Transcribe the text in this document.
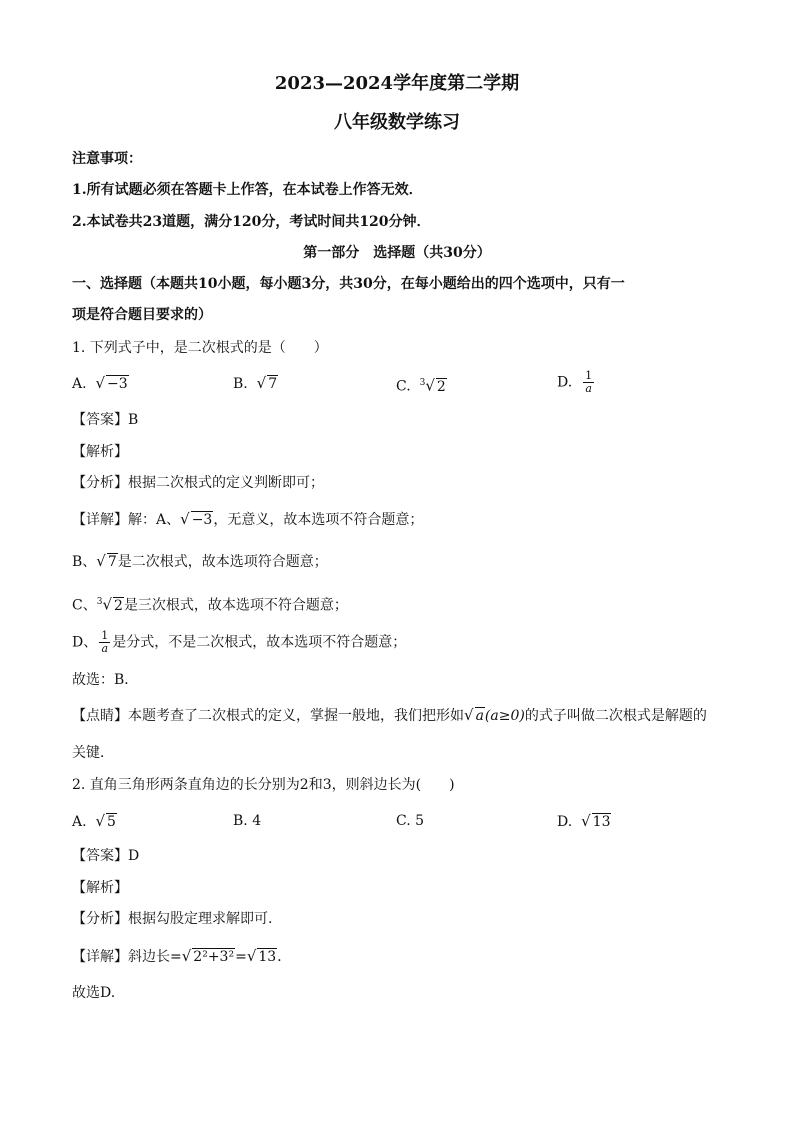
2023—2024学年度第二学期
八年级数学练习
注意事项：
1.所有试题必须在答题卡上作答，在本试卷上作答无效．
2.本试卷共23道题，满分120分，考试时间共120分钟．
第一部分　选择题（共30分）
一、选择题（本题共10小题，每小题3分，共30分，在每小题给出的四个选项中，只有一
项是符合题目要求的）
1. 下列式子中，是二次根式的是（　　）
A. √ −3	B. √ 7	C. $^3$√ 2	D. $\frac{1}{a}$
【答案】B
【解析】
【分析】根据二次根式的定义判断即可；
【详解】解：A、√ −3，无意义，故本选项不符合题意；
B、√ 7是二次根式，故本选项符合题意；
C、$^3$√ 2是三次根式，故本选项不符合题意；
D、 $\frac{1}{a}$ 是分式，不是二次根式，故本选项不符合题意；
故选：B．
【点睛】本题考查了二次根式的定义，掌握一般地，我们把形如√ a(a≥0)的式子叫做二次根式是解题的
关键．
2. 直角三角形两条直角边的长分别为2和3，则斜边长为(　　)
A. √ 5	B. 4	C. 5	D. √ 13
【答案】D
【解析】
【分析】根据勾股定理求解即可.
【详解】斜边长=√ 2²+3²=√ 13．
故选D.
